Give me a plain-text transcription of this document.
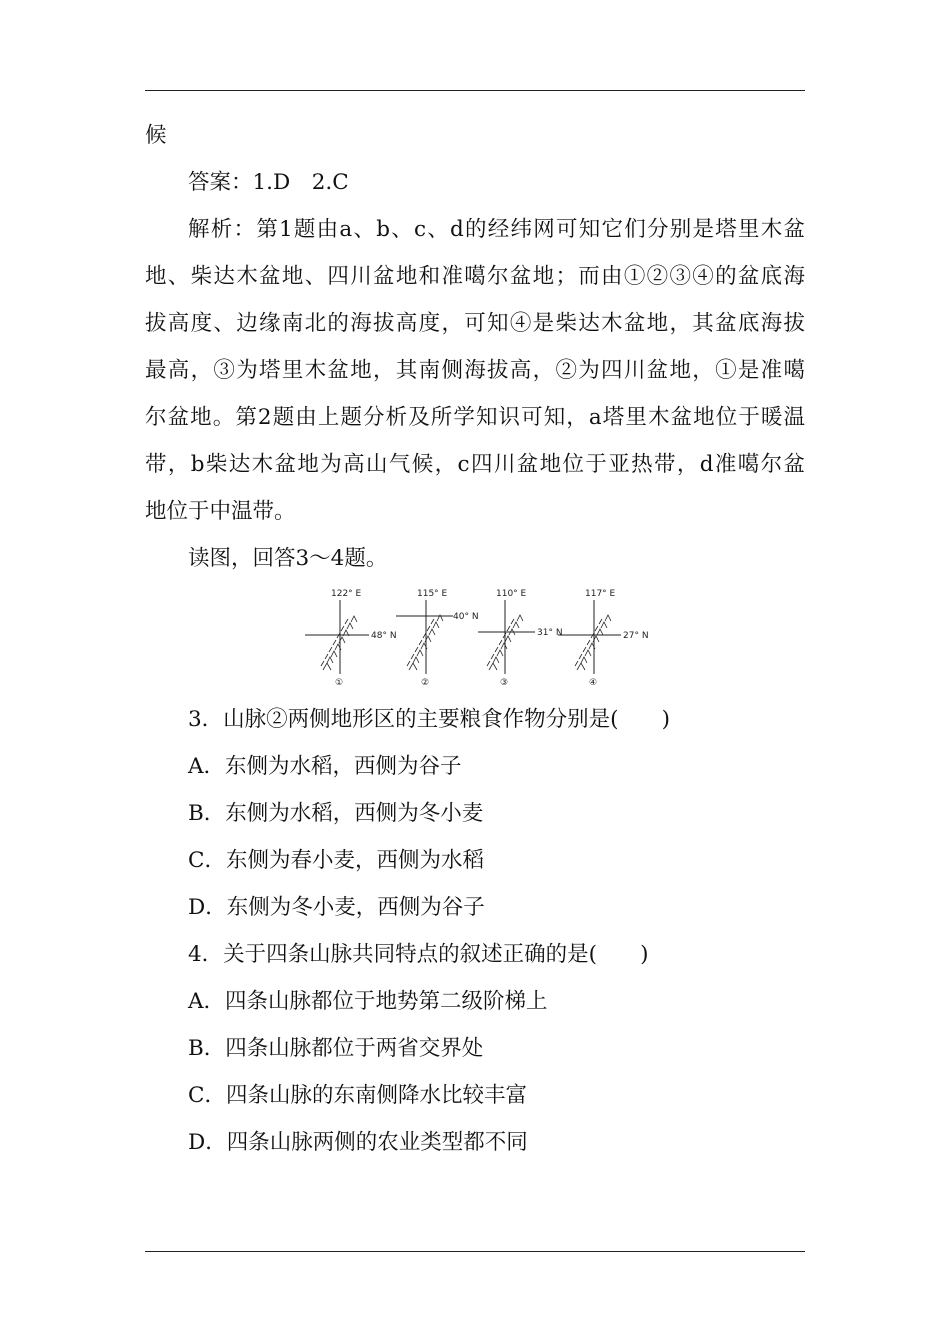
候
答案：1.D　2.C
解析：第1题由a、b、c、d的经纬网可知它们分别是塔里木盆
地、柴达木盆地、四川盆地和准噶尔盆地；而由①②③④的盆底海
拔高度、边缘南北的海拔高度，可知④是柴达木盆地，其盆底海拔
最高，③为塔里木盆地，其南侧海拔高，②为四川盆地，①是准噶
尔盆地。第2题由上题分析及所学知识可知，a塔里木盆地位于暖温
带，b柴达木盆地为高山气候，c四川盆地位于亚热带，d准噶尔盆
地位于中温带。
读图，回答3～4题。
122° E
48° N
①
115° E
40° N
②
110° E
31° N
③
117° E
27° N
④
3．山脉②两侧地形区的主要粮食作物分别是(　　)
A．东侧为水稻，西侧为谷子
B．东侧为水稻，西侧为冬小麦
C．东侧为春小麦，西侧为水稻
D．东侧为冬小麦，西侧为谷子
4．关于四条山脉共同特点的叙述正确的是(　　)
A．四条山脉都位于地势第二级阶梯上
B．四条山脉都位于两省交界处
C．四条山脉的东南侧降水比较丰富
D．四条山脉两侧的农业类型都不同
